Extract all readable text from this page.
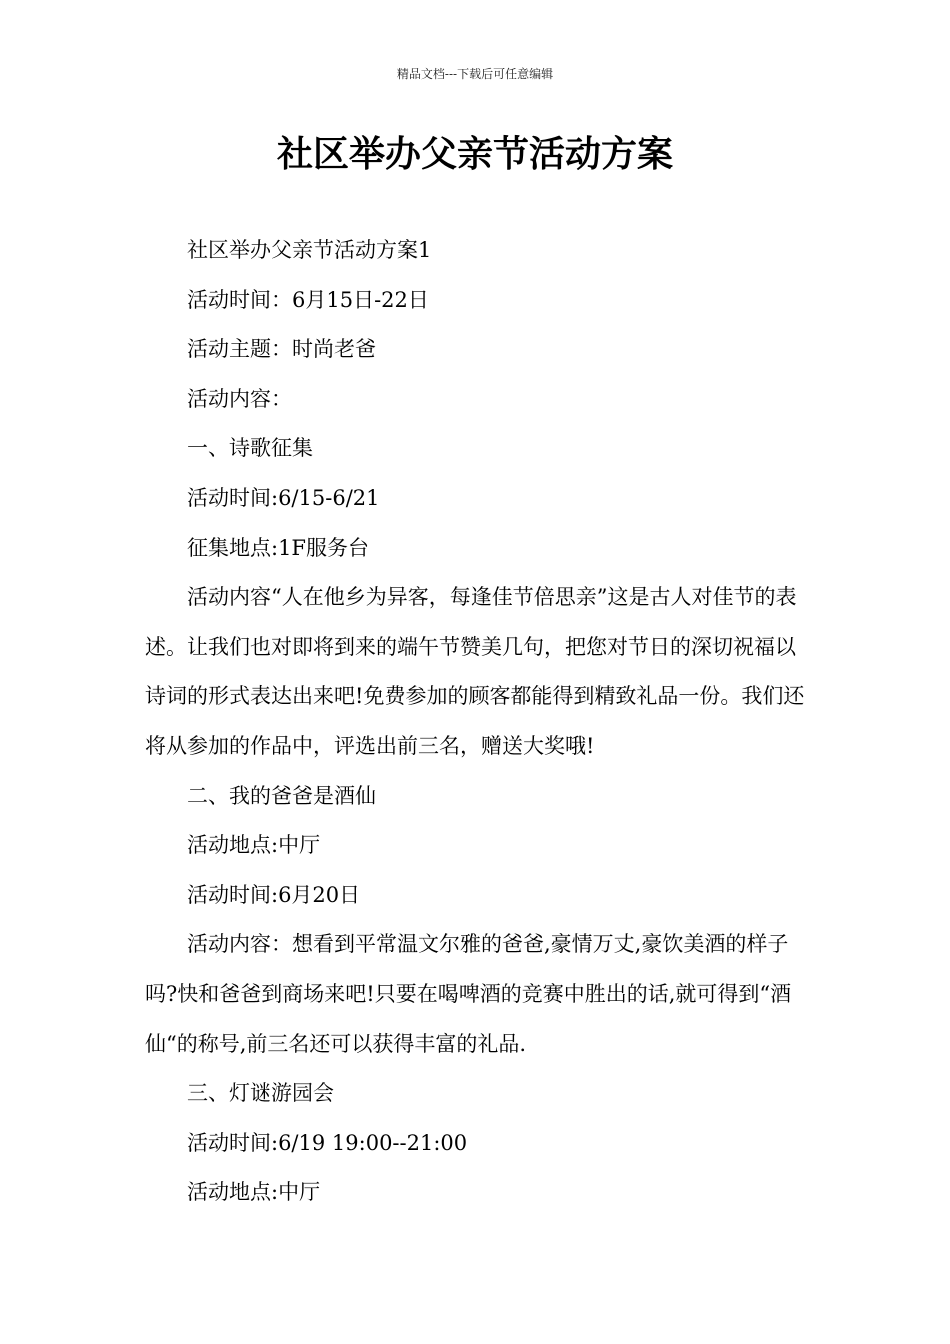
精品文档---下载后可任意编辑
社区举办父亲节活动方案

社区举办父亲节活动方案1

活动时间：6月15日-22日

活动主题：时尚老爸

活动内容：

一、诗歌征集

活动时间:6/15-6/21

征集地点:1F服务台

活动内容“人在他乡为异客，每逢佳节倍思亲”这是古人对佳节的表述。让我们也对即将到来的端午节赞美几句，把您对节日的深切祝福以诗词的形式表达出来吧!免费参加的顾客都能得到精致礼品一份。我们还将从参加的作品中，评选出前三名，赠送大奖哦!

二、我的爸爸是酒仙

活动地点:中厅

活动时间:6月20日

活动内容：想看到平常温文尔雅的爸爸,豪情万丈,豪饮美酒的样子吗?快和爸爸到商场来吧!只要在喝啤酒的竞赛中胜出的话,就可得到“酒仙“的称号,前三名还可以获得丰富的礼品.

三、灯谜游园会

活动时间:6/19 19:00--21:00

活动地点:中厅
